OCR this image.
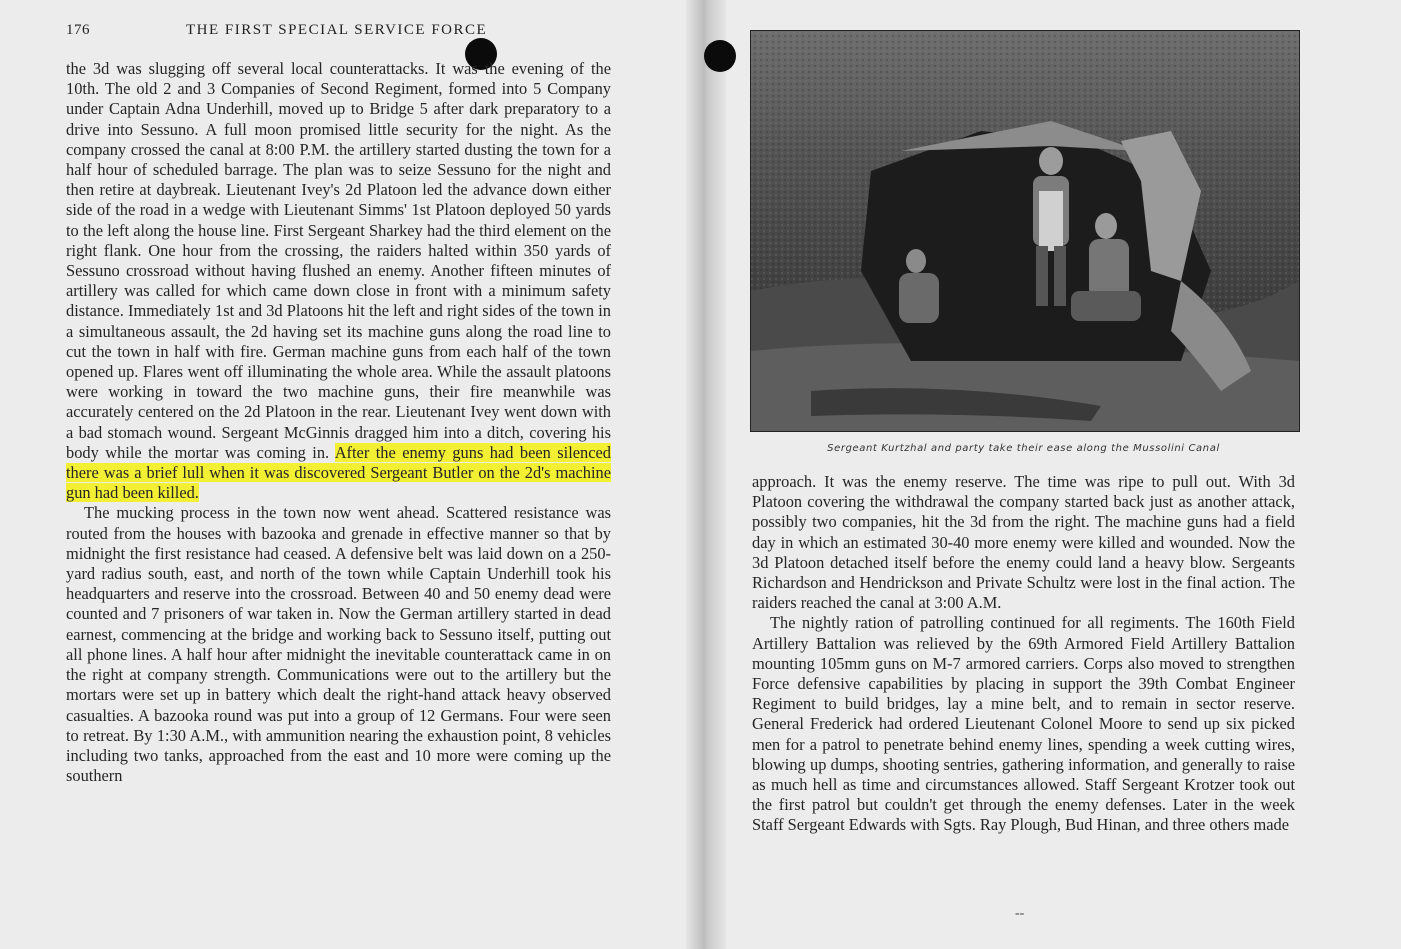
176	THE FIRST SPECIAL SERVICE FORCE

the 3d was slugging off several local counterattacks. It was the evening of the 10th. The old 2 and 3 Companies of Second Regiment, formed into 5 Company under Captain Adna Underhill, moved up to Bridge 5 after dark preparatory to a drive into Sessuno. A full moon promised little security for the night. As the company crossed the canal at 8:00 P.M. the artillery started dusting the town for a half hour of scheduled barrage. The plan was to seize Sessuno for the night and then retire at daybreak. Lieutenant Ivey's 2d Platoon led the advance down either side of the road in a wedge with Lieutenant Simms' 1st Platoon deployed 50 yards to the left along the house line. First Sergeant Sharkey had the third element on the right flank. One hour from the crossing, the raiders halted within 350 yards of Sessuno crossroad without having flushed an enemy. Another fifteen minutes of artillery was called for which came down close in front with a minimum safety distance. Immediately 1st and 3d Platoons hit the left and right sides of the town in a simultaneous assault, the 2d having set its machine guns along the road line to cut the town in half with fire. German machine guns from each half of the town opened up. Flares went off illuminating the whole area. While the assault platoons were working in toward the two machine guns, their fire meanwhile was accurately centered on the 2d Platoon in the rear. Lieutenant Ivey went down with a bad stomach wound. Sergeant McGinnis dragged him into a ditch, covering his body while the mortar was coming in. After the enemy guns had been silenced there was a brief lull when it was discovered Sergeant Butler on the 2d's machine gun had been killed.

The mucking process in the town now went ahead. Scattered resistance was routed from the houses with bazooka and grenade in effective manner so that by midnight the first resistance had ceased. A defensive belt was laid down on a 250-yard radius south, east, and north of the town while Captain Underhill took his headquarters and reserve into the crossroad. Between 40 and 50 enemy dead were counted and 7 prisoners of war taken in. Now the German artillery started in dead earnest, commencing at the bridge and working back to Sessuno itself, putting out all phone lines. A half hour after midnight the inevitable counterattack came in on the right at company strength. Communications were out to the artillery but the mortars were set up in battery which dealt the right-hand attack heavy observed casualties. A bazooka round was put into a group of 12 Germans. Four were seen to retreat. By 1:30 A.M., with ammunition nearing the exhaustion point, 8 vehicles including two tanks, approached from the east and 10 more were coming up the southern

Sergeant Kurtzhal and party take their ease along the Mussolini Canal

approach. It was the enemy reserve. The time was ripe to pull out. With 3d Platoon covering the withdrawal the company started back just as another attack, possibly two companies, hit the 3d from the right. The machine guns had a field day in which an estimated 30-40 more enemy were killed and wounded. Now the 3d Platoon detached itself before the enemy could land a heavy blow. Sergeants Richardson and Hendrickson and Private Schultz were lost in the final action. The raiders reached the canal at 3:00 A.M.

The nightly ration of patrolling continued for all regiments. The 160th Field Artillery Battalion was relieved by the 69th Armored Field Artillery Battalion mounting 105mm guns on M-7 armored carriers. Corps also moved to strengthen Force defensive capabilities by placing in support the 39th Combat Engineer Regiment to build bridges, lay a mine belt, and to remain in sector reserve. General Frederick had ordered Lieutenant Colonel Moore to send up six picked men for a patrol to penetrate behind enemy lines, spending a week cutting wires, blowing up dumps, shooting sentries, gathering information, and generally to raise as much hell as time and circumstances allowed. Staff Sergeant Krotzer took out the first patrol but couldn't get through the enemy defenses. Later in the week Staff Sergeant Edwards with Sgts. Ray Plough, Bud Hinan, and three others made

--
